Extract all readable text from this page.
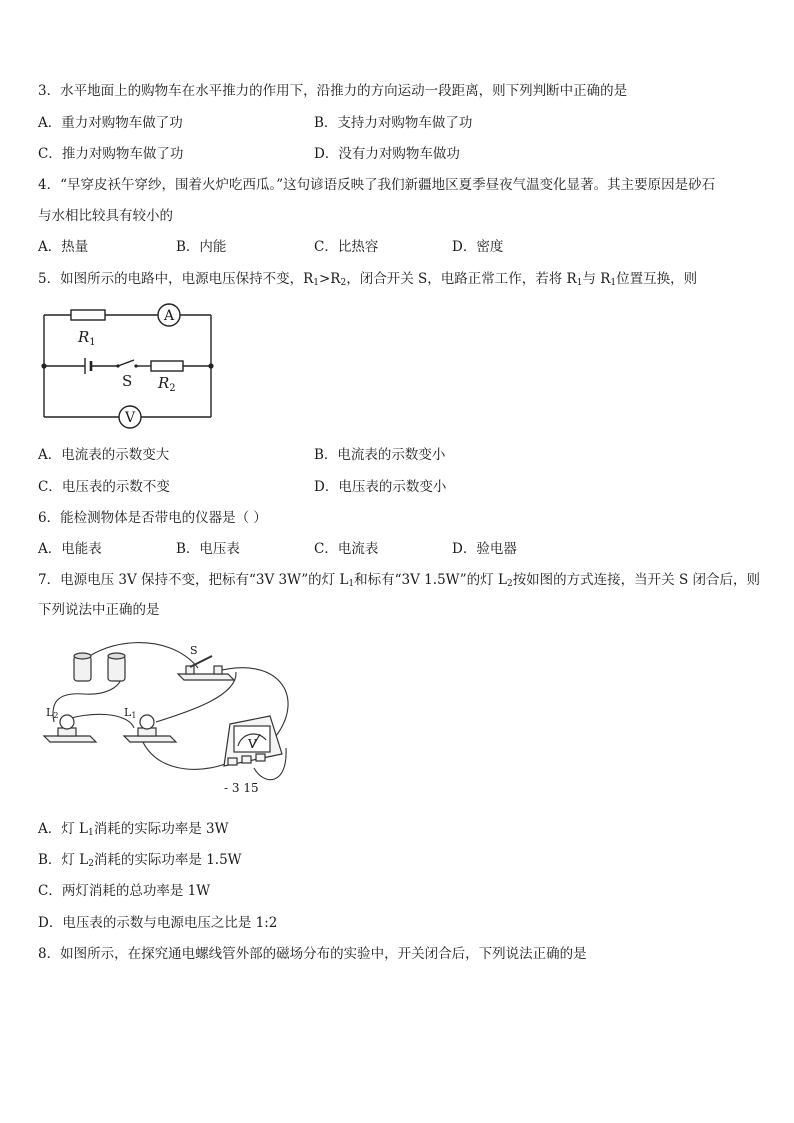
3．水平地面上的购物车在水平推力的作用下，沿推力的方向运动一段距离，则下列判断中正确的是
A．重力对购物车做了功	B．支持力对购物车做了功
C．推力对购物车做了功	D．没有力对购物车做功
4．“早穿皮袄午穿纱，围着火炉吃西瓜。”这句谚语反映了我们新疆地区夏季昼夜气温变化显著。其主要原因是砂石
与水相比较具有较小的
A．热量	B．内能	C．比热容	D．密度
5．如图所示的电路中，电源电压保持不变，$R_1>R_2$，闭合开关 S，电路正常工作，若将 $R_1$与 $R_1$位置互换，则
A
V
$R_1$
S $R_2$
A．电流表的示数变大	B．电流表的示数变小
C．电压表的示数不变	D．电压表的示数变小
6．能检测物体是否带电的仪器是（ ）
A．电能表	B．电压表	C．电流表	D．验电器
7．电源电压 3V 保持不变，把标有“3V 3W”的灯 $L_1$和标有“3V 1.5W”的灯 $L_2$按如图的方式连接，当开关 S 闭合后，则
下列说法中正确的是
S
L2	L1
V
- 3 15
A．灯 $L_1$消耗的实际功率是 3W
B．灯 $L_2$消耗的实际功率是 1.5W
C．两灯消耗的总功率是 1W
D．电压表的示数与电源电压之比是 1:2
8．如图所示，在探究通电螺线管外部的磁场分布的实验中，开关闭合后，下列说法正确的是
